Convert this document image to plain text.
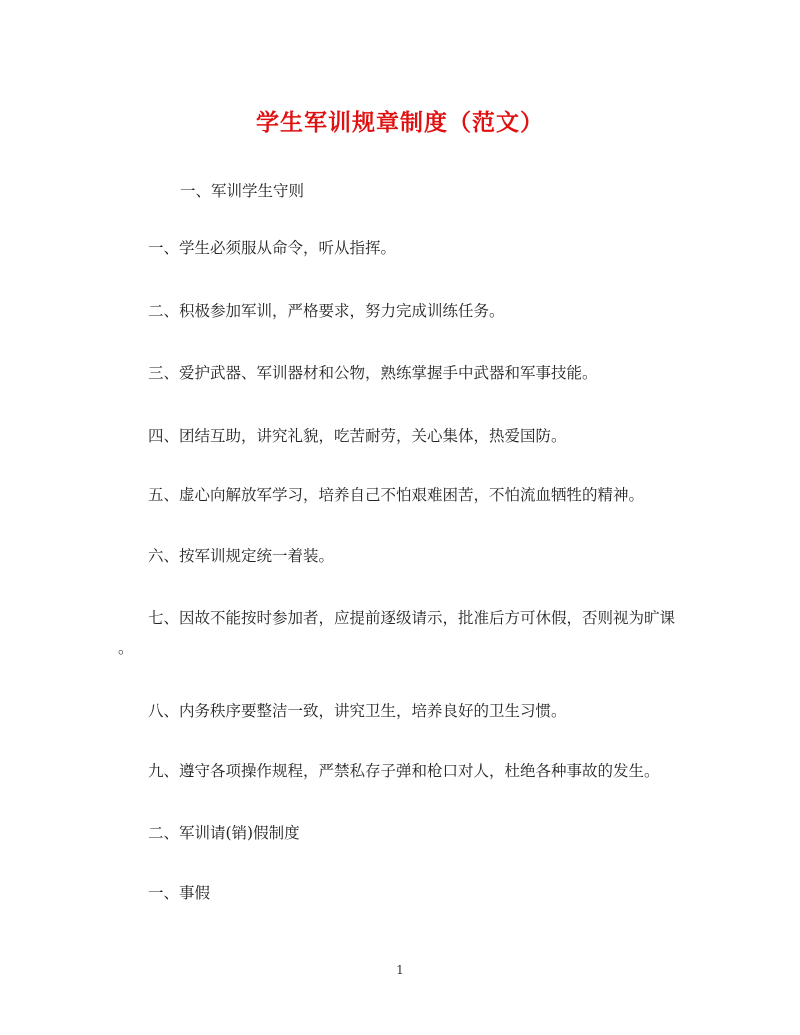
学生军训规章制度（范文）
一、军训学生守则
一、学生必须服从命令，听从指挥。
二、积极参加军训，严格要求，努力完成训练任务。
三、爱护武器、军训器材和公物，熟练掌握手中武器和军事技能。
四、团结互助，讲究礼貌，吃苦耐劳，关心集体，热爱国防。
五、虚心向解放军学习，培养自己不怕艰难困苦，不怕流血牺牲的精神。
六、按军训规定统一着装。
七、因故不能按时参加者，应提前逐级请示，批准后方可休假，否则视为旷课
。
八、内务秩序要整洁一致，讲究卫生，培养良好的卫生习惯。
九、遵守各项操作规程，严禁私存子弹和枪口对人，杜绝各种事故的发生。
二、军训请(销)假制度
一、事假
1
